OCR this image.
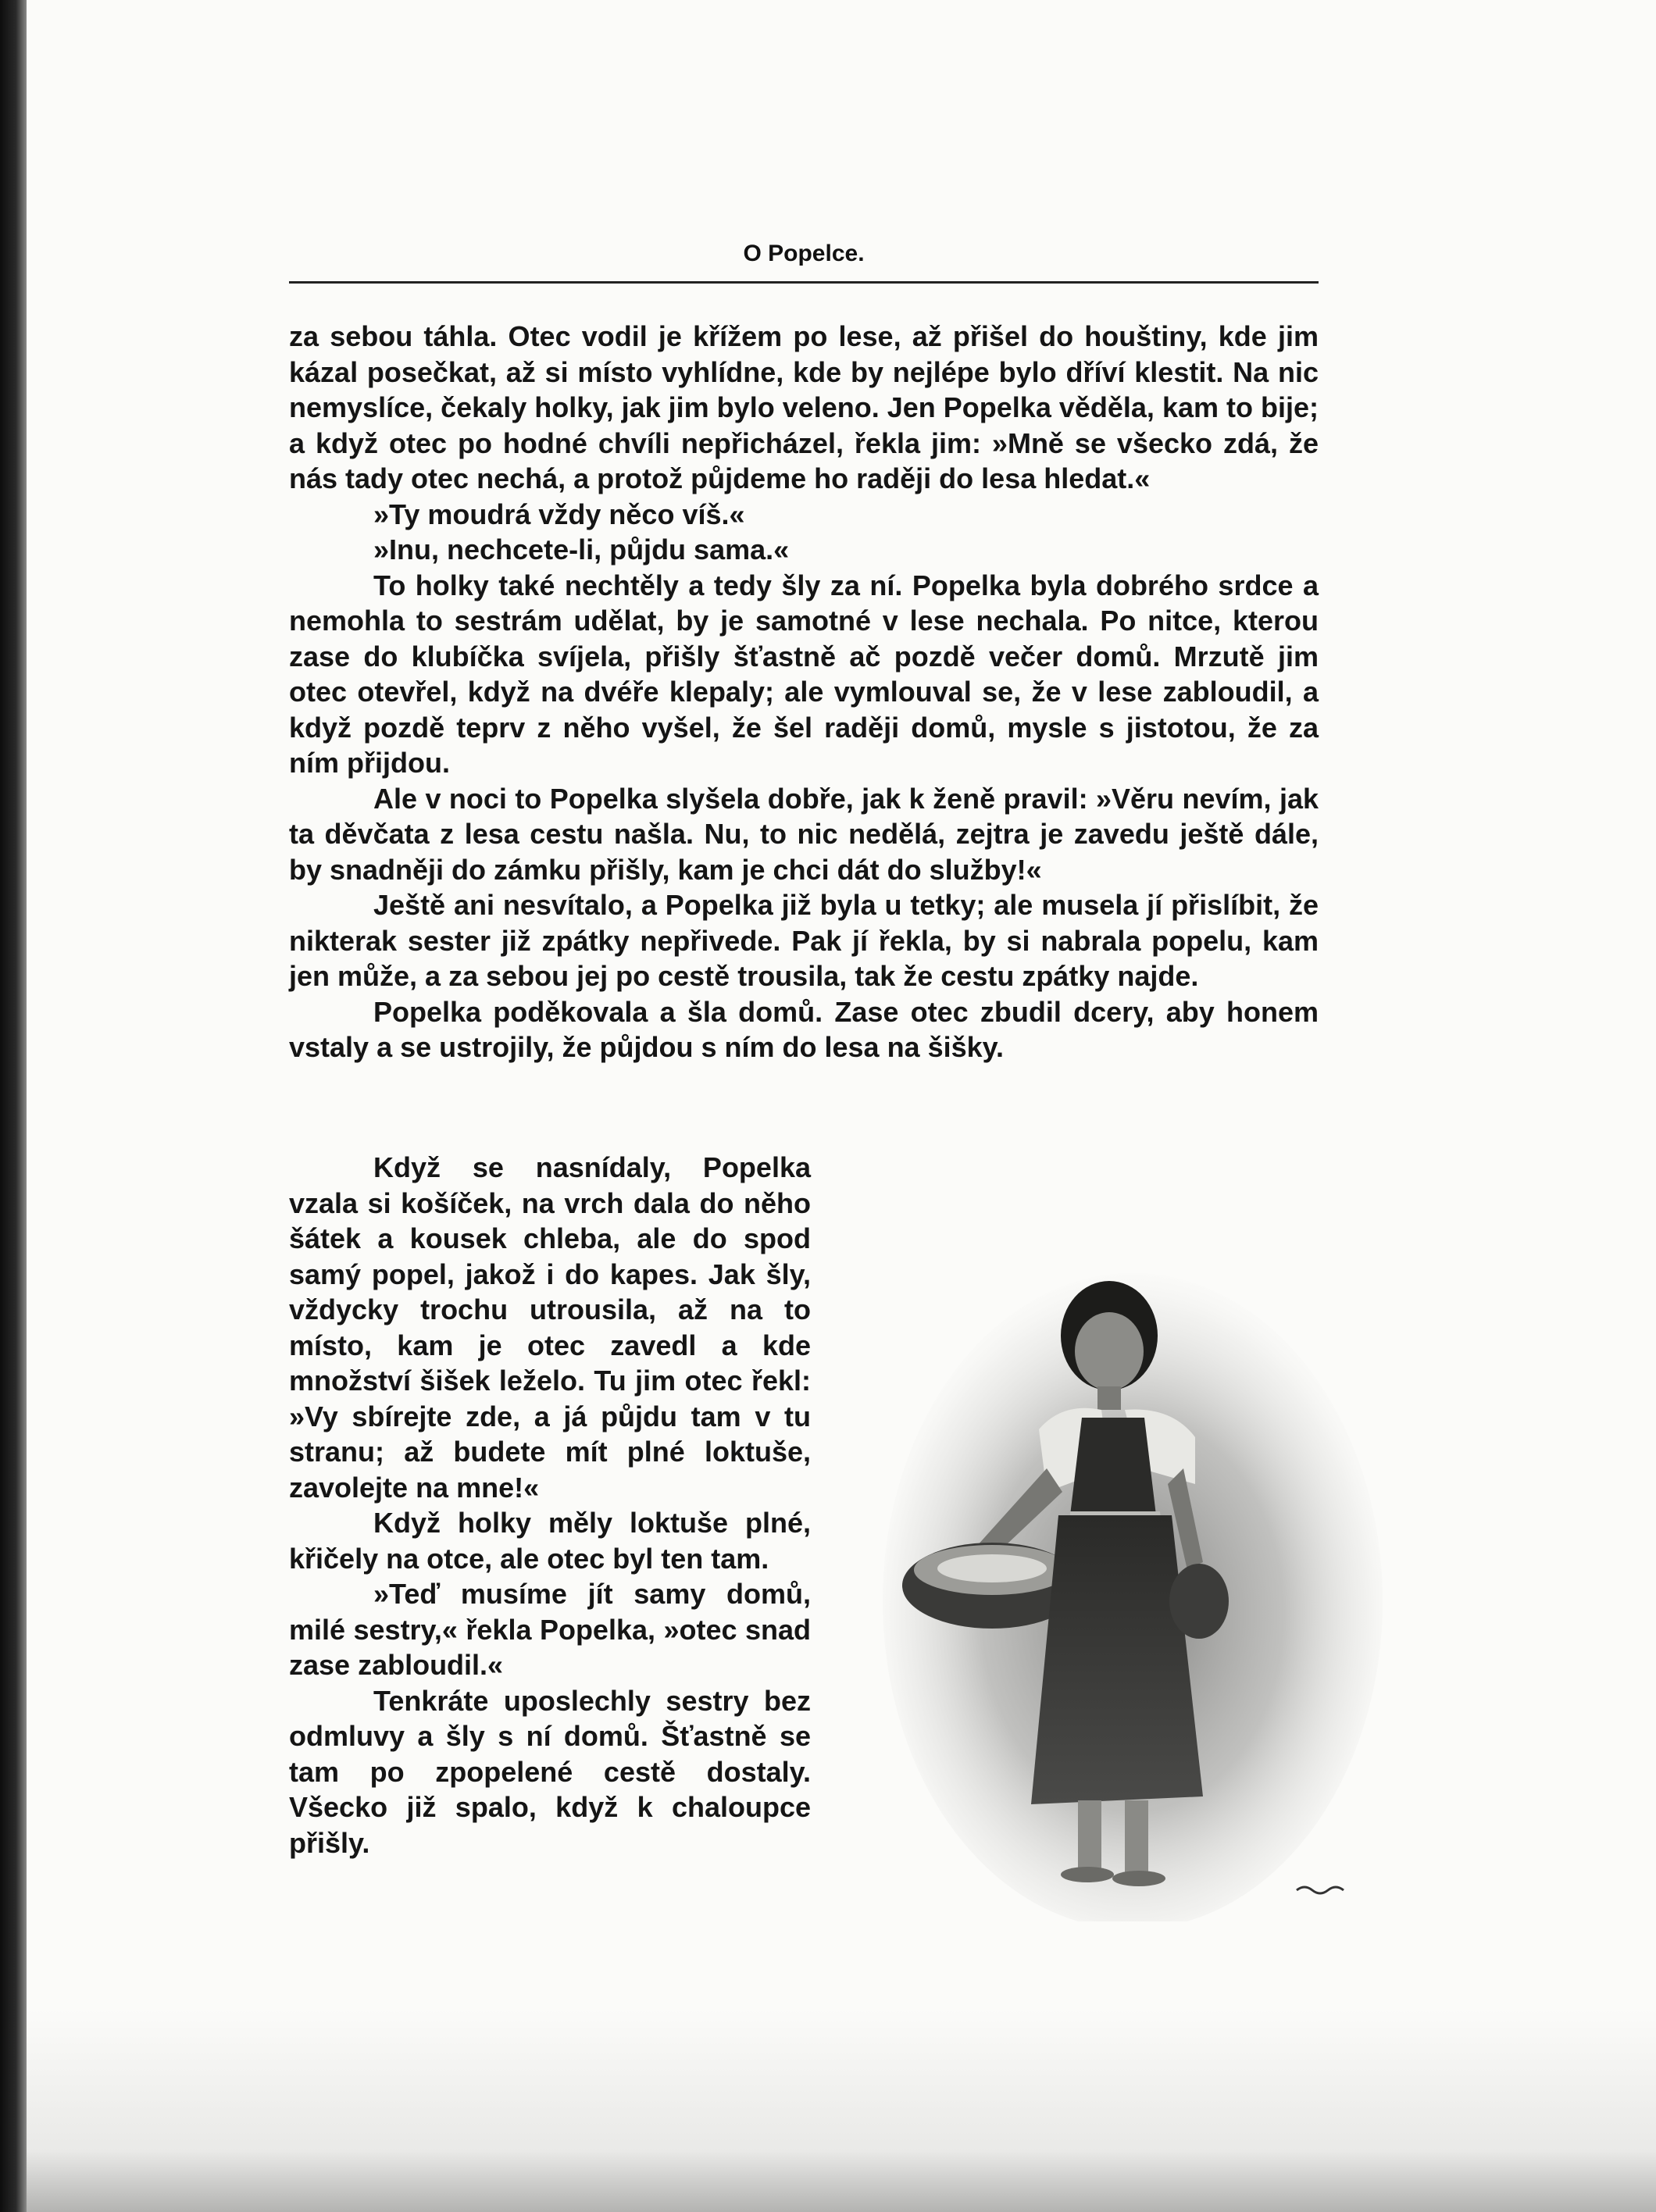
O Popelce.

za sebou táhla. Otec vodil je křížem po lese, až přišel do houštiny, kde jim kázal posečkat, až si místo vyhlídne, kde by nejlépe bylo dříví klestit. Na nic nemyslíce, čekaly holky, jak jim bylo veleno. Jen Popelka věděla, kam to bije; a když otec po hodné chvíli nepřicházel, řekla jim: »Mně se všecko zdá, že nás tady otec nechá, a protož půjdeme ho raději do lesa hledat.«

»Ty moudrá vždy něco víš.«

»Inu, nechcete-li, půjdu sama.«

To holky také nechtěly a tedy šly za ní. Popelka byla dobrého srdce a nemohla to sestrám udělat, by je samotné v lese nechala. Po nitce, kterou zase do klubíčka svíjela, přišly šťastně ač pozdě večer domů. Mrzutě jim otec otevřel, když na dvéře klepaly; ale vymlouval se, že v lese zabloudil, a když pozdě teprv z něho vyšel, že šel raději domů, mysle s jistotou, že za ním přijdou.

Ale v noci to Popelka slyšela dobře, jak k ženě pravil: »Věru nevím, jak ta děvčata z lesa cestu našla. Nu, to nic nedělá, zejtra je zavedu ještě dále, by snadněji do zámku přišly, kam je chci dát do služby!«

Ještě ani nesvítalo, a Popelka již byla u tetky; ale musela jí přislíbit, že nikterak sester již zpátky nepřivede. Pak jí řekla, by si nabrala popelu, kam jen může, a za sebou jej po cestě trousila, tak že cestu zpátky najde.

Popelka poděkovala a šla domů. Zase otec zbudil dcery, aby honem vstaly a se ustrojily, že půjdou s ním do lesa na šišky.

Když se nasnídaly, Popelka vzala si košíček, na vrch dala do něho šátek a kousek chleba, ale do spod samý popel, jakož i do kapes. Jak šly, vždycky trochu utrousila, až na to místo, kam je otec zavedl a kde množství šišek leželo. Tu jim otec řekl: »Vy sbírejte zde, a já půjdu tam v tu stranu; až budete mít plné loktuše, zavolejte na mne!«

Když holky měly loktuše plné, křičely na otce, ale otec byl ten tam.

»Teď musíme jít samy domů, milé sestry,« řekla Popelka, »otec snad zase zabloudil.«

Tenkráte uposlechly sestry bez odmluvy a šly s ní domů. Šťastně se tam po zpopelené cestě dostaly. Všecko již spalo, když k chaloupce přišly.
